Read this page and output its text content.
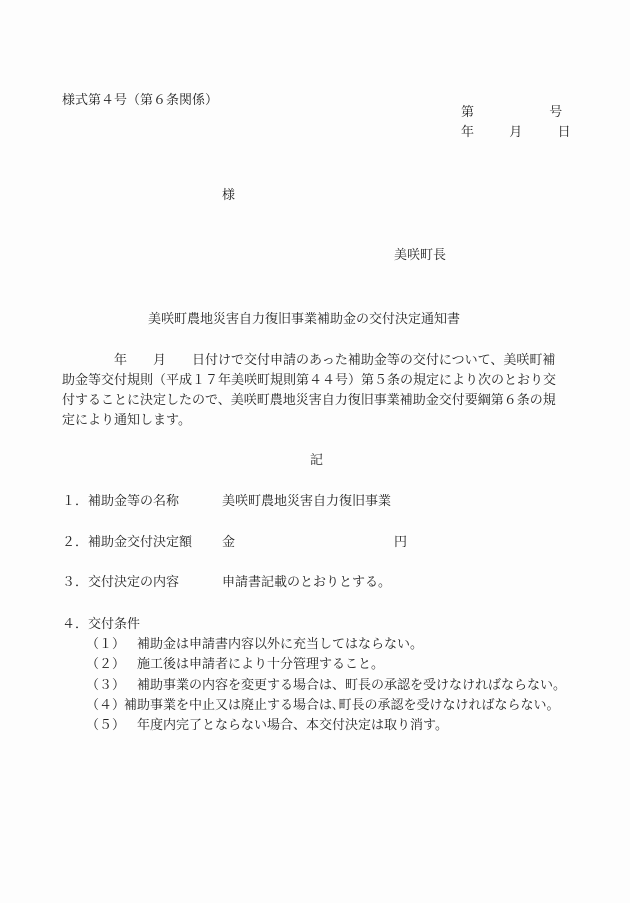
様式第４号（第６条関係）
第	号
年	月	日
様
美咲町長
美咲町農地災害自力復旧事業補助金の交付決定通知書
　　　　年　　月　　日付けで交付申請のあった補助金等の交付について、美咲町補
助金等交付規則（平成１７年美咲町規則第４４号）第５条の規定により次のとおり交
付することに決定したので、美咲町農地災害自力復旧事業補助金交付要綱第６条の規
定により通知します。
記
１．補助金等の名称	美咲町農地災害自力復旧事業
２．補助金交付決定額 金	円
３．交付決定の内容	申請書記載のとおりとする。
４．交付条件
（１）　補助金は申請書内容以外に充当してはならない。
（２）　施工後は申請者により十分管理すること。
（３）　補助事業の内容を変更する場合は、町長の承認を受けなければならない。
（４）補助事業を中止又は廃止する場合は､町長の承認を受けなければならない。
（５）　年度内完了とならない場合、本交付決定は取り消す。
